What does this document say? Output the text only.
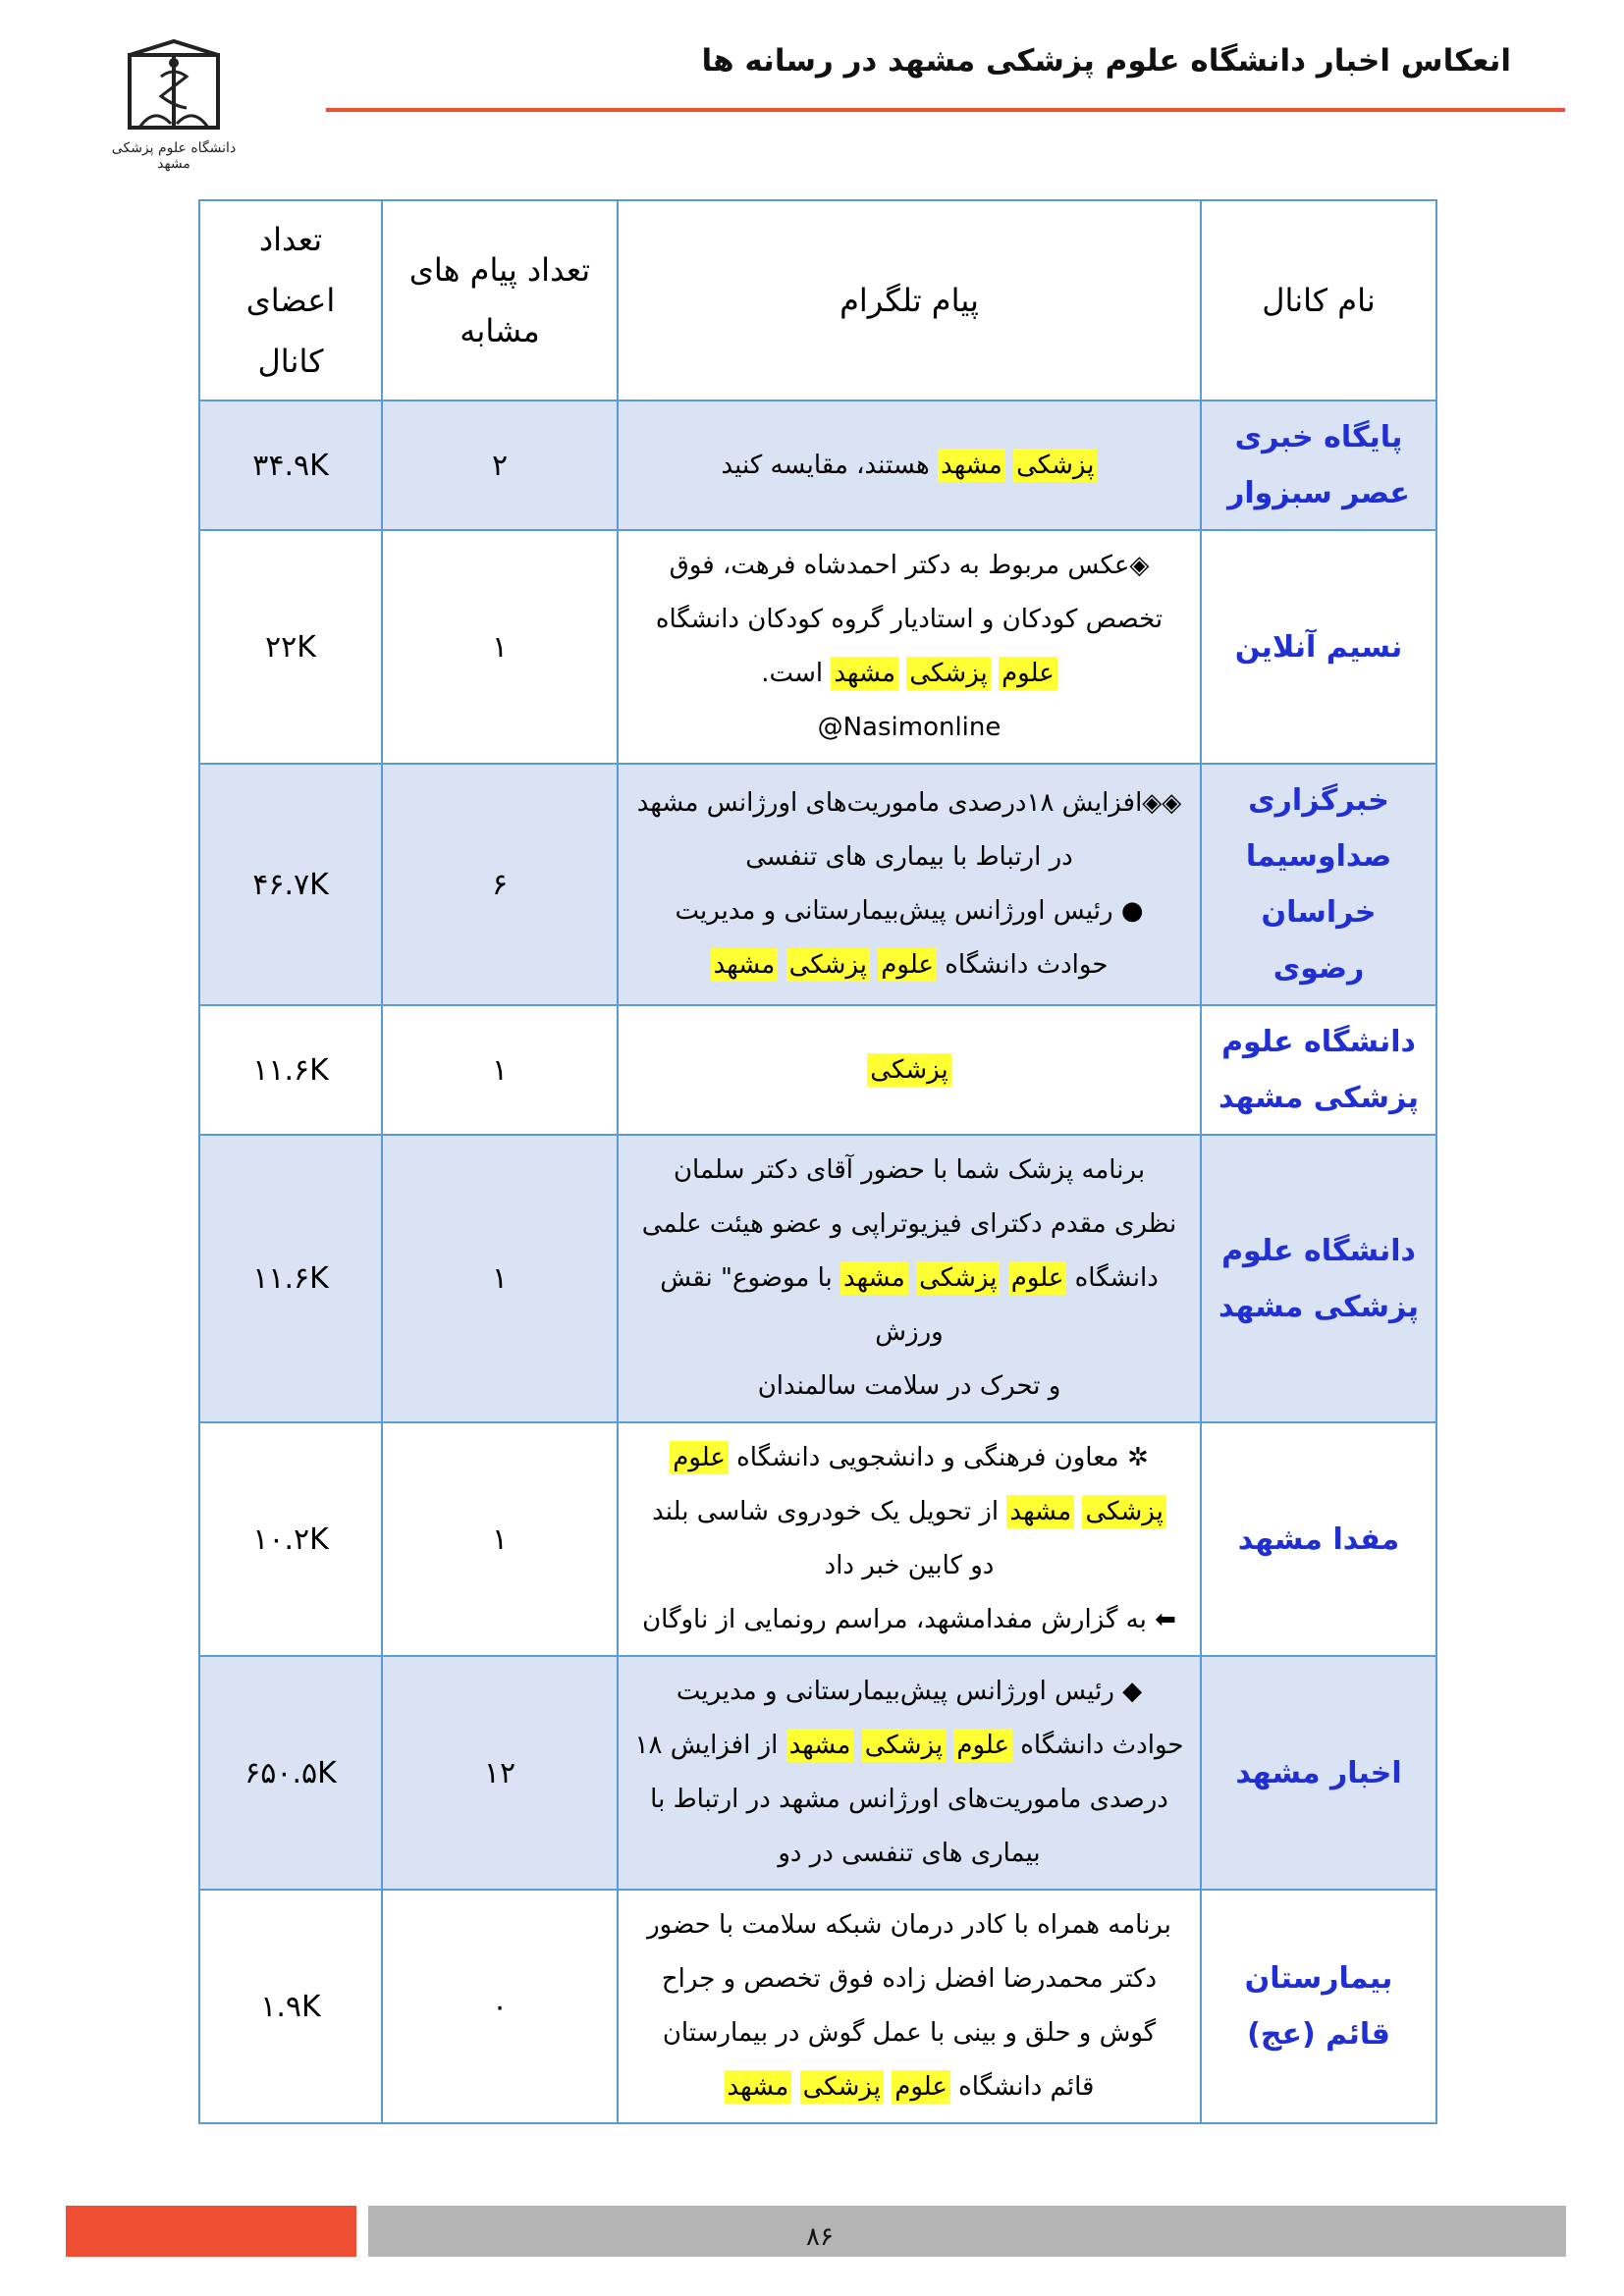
دانشگاه علوم پزشکی مشهد
انعکاس اخبار دانشگاه علوم پزشکی مشهد در رسانه ها
نام کانال	پیام تلگرام	تعداد پیام های مشابه	تعداد اعضای کانال
پایگاه خبری عصر سبزوار	پزشکی مشهد هستند، مقایسه کنید	۲	۳۴.۹K
نسیم آنلاین	◈عکس مربوط به دکتر احمدشاه فرهت، فوق
تخصص کودکان و استادیار گروه کودکان دانشگاه
علوم پزشکی مشهد است.
Nasimonline@	۱	۲۲K
خبرگزاری صداوسیما خراسان رضوی	◈◈افزایش ۱۸درصدی ماموریت‌های اورژانس مشهد
در ارتباط با بیماری های تنفسی
● رئیس اورژانس پیش‌بیمارستانی و مدیریت
حوادث دانشگاه علوم پزشکی مشهد	۶	۴۶.۷K
دانشگاه علوم پزشکی مشهد	پزشکی	۱	۱۱.۶K
دانشگاه علوم پزشکی مشهد	برنامه پزشک شما با حضور آقای دکتر سلمان
نظری مقدم دکترای فیزیوتراپی و عضو هیئت علمی
دانشگاه علوم پزشکی مشهد با موضوع" نقش ورزش
و تحرک در سلامت سالمندان	۱	۱۱.۶K
مفدا مشهد	✲ معاون فرهنگی و دانشجویی دانشگاه علوم
پزشکی مشهد از تحویل یک خودروی شاسی بلند
دو کابین خبر داد
⬅ به گزارش مفدامشهد، مراسم رونمایی از ناوگان	۱	۱۰.۲K
اخبار مشهد	◆ رئیس اورژانس پیش‌بیمارستانی و مدیریت
حوادث دانشگاه علوم پزشکی مشهد از افزایش ۱۸
درصدی ماموریت‌های اورژانس مشهد در ارتباط با
بیماری های تنفسی در دو	۱۲	۶۵۰.۵K
بیمارستان قائم (عج)	برنامه همراه با کادر درمان شبکه سلامت با حضور
دکتر محمدرضا افضل زاده فوق تخصص و جراح
گوش و حلق و بینی با عمل گوش در بیمارستان
قائم دانشگاه علوم پزشکی مشهد	۰	۱.۹K
۸۶
